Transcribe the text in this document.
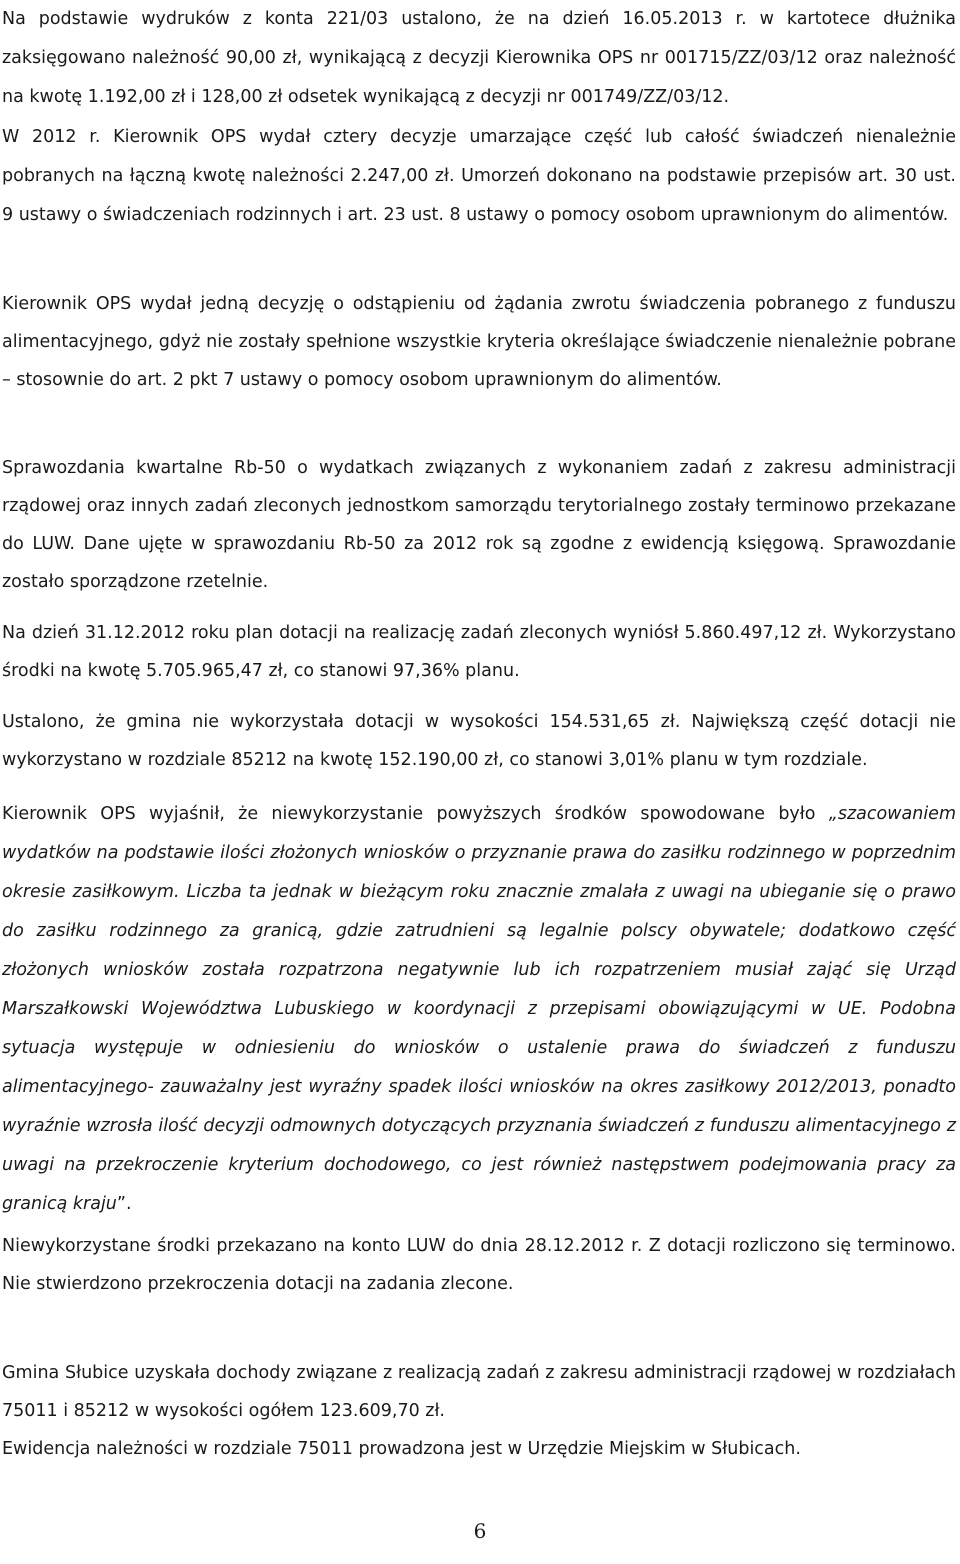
Na podstawie wydruków z konta 221/03 ustalono, że na dzień 16.05.2013 r. w kartotece dłużnika zaksięgowano należność 90,00 zł, wynikającą z decyzji Kierownika OPS nr 001715/ZZ/03/12 oraz należność na kwotę 1.192,00 zł i 128,00 zł odsetek wynikającą z decyzji nr 001749/ZZ/03/12.

W 2012 r. Kierownik OPS wydał cztery decyzje umarzające część lub całość świadczeń nienależnie pobranych na łączną kwotę należności 2.247,00 zł. Umorzeń dokonano na podstawie przepisów art. 30 ust. 9 ustawy o świadczeniach rodzinnych i art. 23 ust. 8 ustawy o pomocy osobom uprawnionym do alimentów.

Kierownik OPS wydał jedną decyzję o odstąpieniu od żądania zwrotu świadczenia pobranego z funduszu alimentacyjnego, gdyż nie zostały spełnione wszystkie kryteria określające świadczenie nienależnie pobrane – stosownie do art. 2 pkt 7 ustawy o pomocy osobom uprawnionym do alimentów.

Sprawozdania kwartalne Rb-50 o wydatkach związanych z wykonaniem zadań z zakresu administracji rządowej oraz innych zadań zleconych jednostkom samorządu terytorialnego zostały terminowo przekazane do LUW. Dane ujęte w sprawozdaniu Rb-50 za 2012 rok są zgodne z ewidencją księgową. Sprawozdanie zostało sporządzone rzetelnie.

Na dzień 31.12.2012 roku plan dotacji na realizację zadań zleconych wyniósł 5.860.497,12 zł. Wykorzystano środki na kwotę 5.705.965,47 zł, co stanowi 97,36% planu.

Ustalono, że gmina nie wykorzystała dotacji w wysokości 154.531,65 zł. Największą część dotacji nie wykorzystano w rozdziale 85212 na kwotę 152.190,00 zł, co stanowi 3,01% planu w tym rozdziale.

Kierownik OPS wyjaśnił, że niewykorzystanie powyższych środków spowodowane było „szacowaniem wydatków na podstawie ilości złożonych wniosków o przyznanie prawa do zasiłku rodzinnego w poprzednim okresie zasiłkowym. Liczba ta jednak w bieżącym roku znacznie zmalała z uwagi na ubieganie się o prawo do zasiłku rodzinnego za granicą, gdzie zatrudnieni są legalnie polscy obywatele; dodatkowo część złożonych wniosków została rozpatrzona negatywnie lub ich rozpatrzeniem musiał zająć się Urząd Marszałkowski Województwa Lubuskiego w koordynacji z przepisami obowiązującymi w UE. Podobna sytuacja występuje w odniesieniu do wniosków o ustalenie prawa do świadczeń z funduszu alimentacyjnego- zauważalny jest wyraźny spadek ilości wniosków na okres zasiłkowy 2012/2013, ponadto wyraźnie wzrosła ilość decyzji odmownych dotyczących przyznania świadczeń z funduszu alimentacyjnego z uwagi na przekroczenie kryterium dochodowego, co jest również następstwem podejmowania pracy za granicą kraju”.

Niewykorzystane środki przekazano na konto LUW do dnia 28.12.2012 r. Z dotacji rozliczono się terminowo. Nie stwierdzono przekroczenia dotacji na zadania zlecone.

Gmina Słubice uzyskała dochody związane z realizacją zadań z zakresu administracji rządowej w rozdziałach 75011 i 85212 w wysokości ogółem 123.609,70 zł.

Ewidencja należności w rozdziale 75011 prowadzona jest w Urzędzie Miejskim w Słubicach.

6
